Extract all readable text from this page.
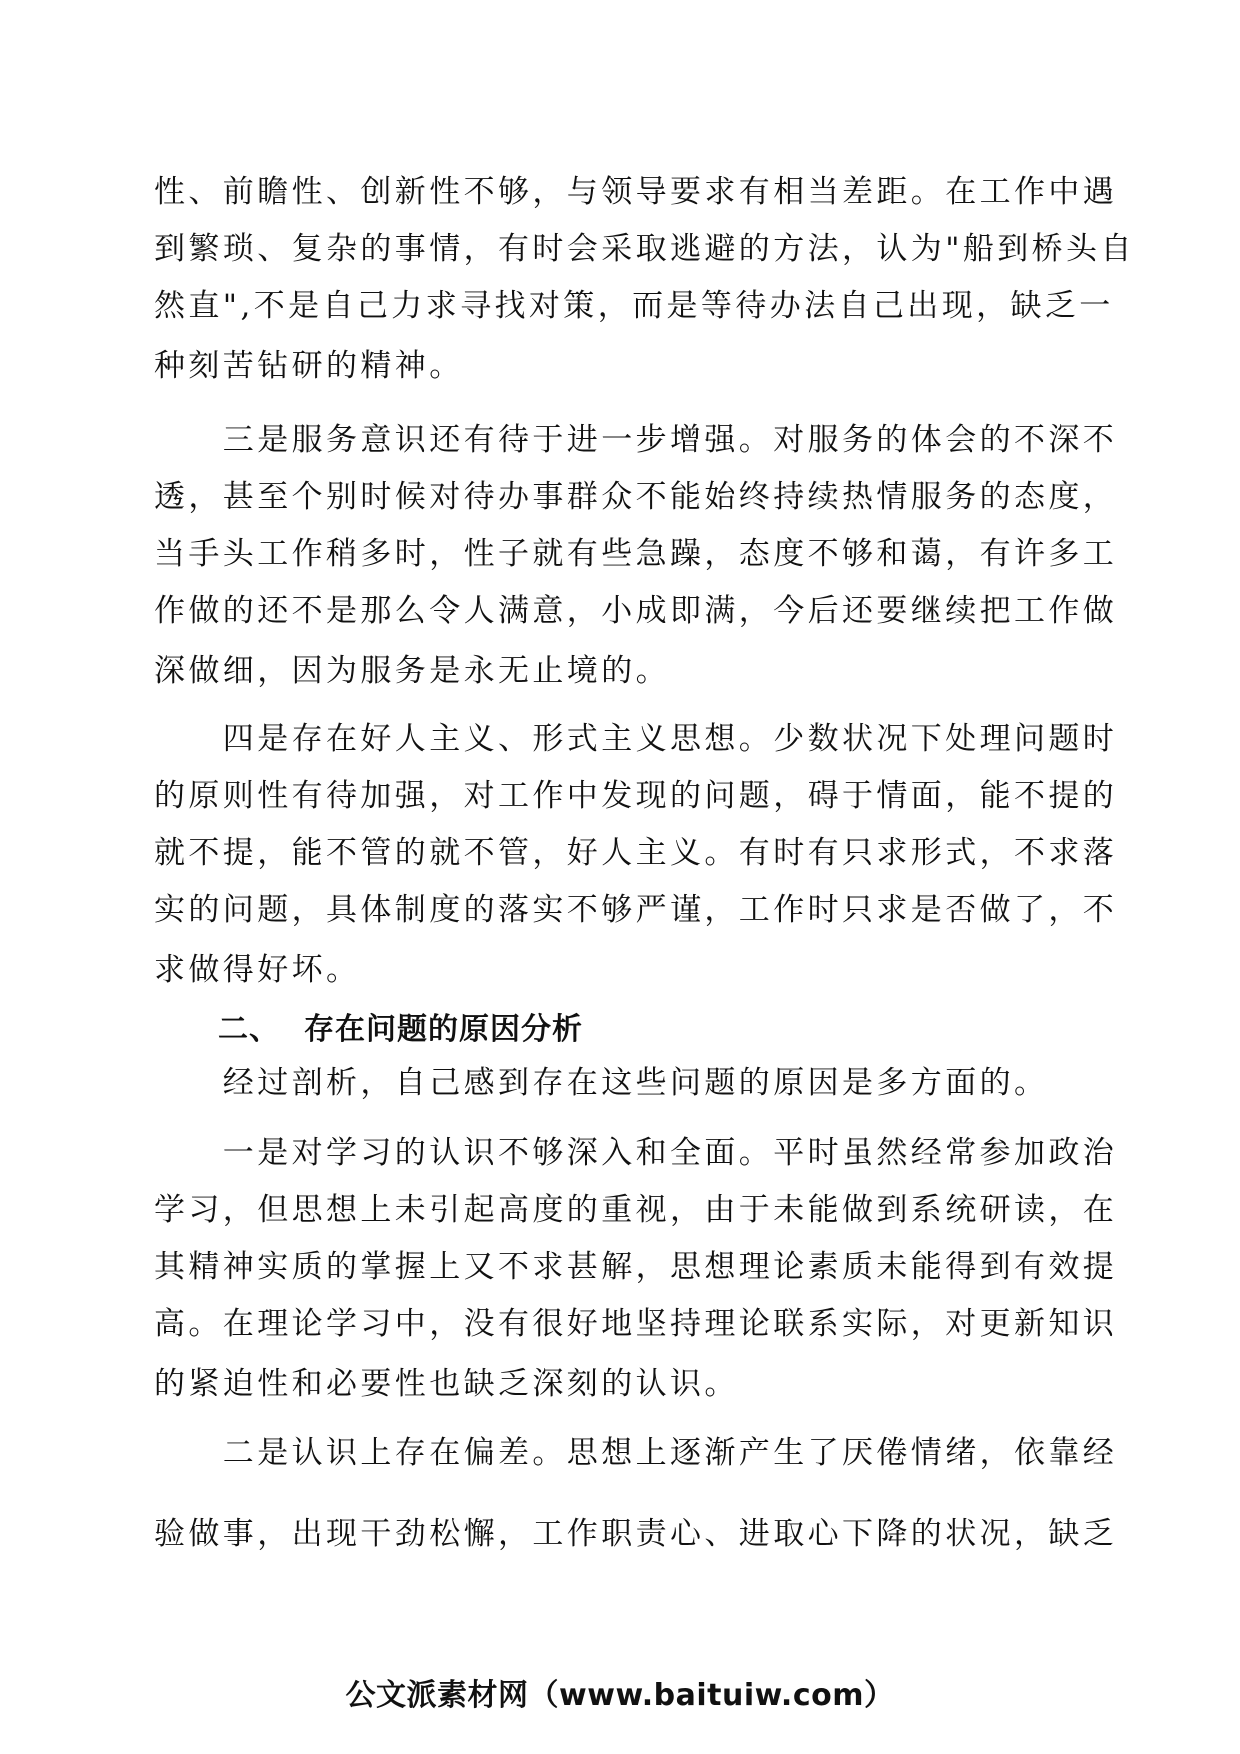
性、前瞻性、创新性不够，与领导要求有相当差距。在工作中遇
到繁琐、复杂的事情，有时会采取逃避的方法，认为"船到桥头自
然直",不是自己力求寻找对策，而是等待办法自己出现，缺乏一
种刻苦钻研的精神。
　　三是服务意识还有待于进一步增强。对服务的体会的不深不
透，甚至个别时候对待办事群众不能始终持续热情服务的态度，
当手头工作稍多时，性子就有些急躁，态度不够和蔼，有许多工
作做的还不是那么令人满意，小成即满，今后还要继续把工作做
深做细，因为服务是永无止境的。
　　四是存在好人主义、形式主义思想。少数状况下处理问题时
的原则性有待加强，对工作中发现的问题，碍于情面，能不提的
就不提，能不管的就不管，好人主义。有时有只求形式，不求落
实的问题，具体制度的落实不够严谨，工作时只求是否做了，不
求做得好坏。
二、 存在问题的原因分析
　　经过剖析，自己感到存在这些问题的原因是多方面的。
　　一是对学习的认识不够深入和全面。平时虽然经常参加政治
学习，但思想上未引起高度的重视，由于未能做到系统研读，在
其精神实质的掌握上又不求甚解，思想理论素质未能得到有效提
高。在理论学习中，没有很好地坚持理论联系实际，对更新知识
的紧迫性和必要性也缺乏深刻的认识。
　　二是认识上存在偏差。思想上逐渐产生了厌倦情绪，依靠经
验做事，出现干劲松懈，工作职责心、进取心下降的状况，缺乏
公文派素材网（www.baituiw.com）
